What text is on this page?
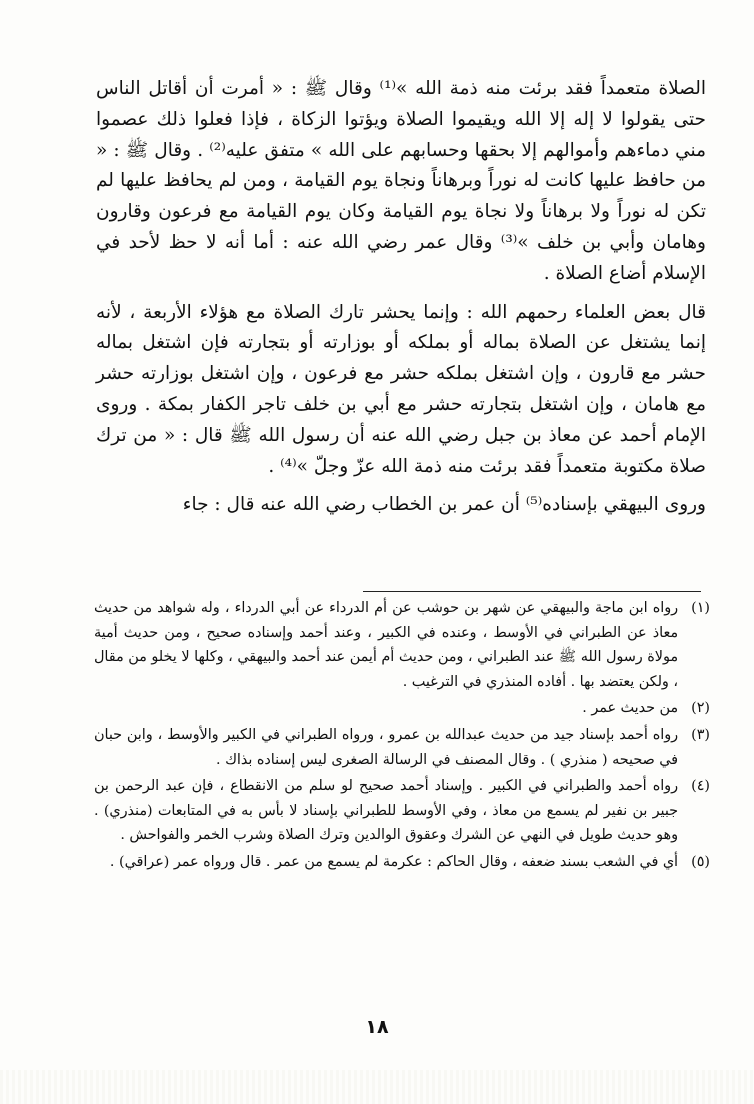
الصلاة متعمداً فقد برئت منه ذمة الله »⁽¹⁾ وقال ﷺ : « أمرت أن أقاتل الناس حتى يقولوا لا إله إلا الله ويقيموا الصلاة ويؤتوا الزكاة ، فإذا فعلوا ذلك عصموا مني دماءهم وأموالهم إلا بحقها وحسابهم على الله » متفق عليه⁽²⁾ . وقال ﷺ : « من حافظ عليها كانت له نوراً وبرهاناً ونجاة يوم القيامة ، ومن لم يحافظ عليها لم تكن له نوراً ولا برهاناً ولا نجاة يوم القيامة وكان يوم القيامة مع فرعون وقارون وهامان وأبي بن خلف »⁽³⁾ وقال عمر رضي الله عنه : أما أنه لا حظ لأحد في الإسلام أضاع الصلاة .

قال بعض العلماء رحمهم الله : وإنما يحشر تارك الصلاة مع هؤلاء الأربعة ، لأنه إنما يشتغل عن الصلاة بماله أو بملكه أو بوزارته أو بتجارته فإن اشتغل بماله حشر مع قارون ، وإن اشتغل بملكه حشر مع فرعون ، وإن اشتغل بوزارته حشر مع هامان ، وإن اشتغل بتجارته حشر مع أبي بن خلف تاجر الكفار بمكة . وروى الإمام أحمد عن معاذ بن جبل رضي الله عنه أن رسول الله ﷺ قال : « من ترك صلاة مكتوبة متعمداً فقد برئت منه ذمة الله عزّ وجلّ »⁽⁴⁾ .

وروى البيهقي بإسناده⁽⁵⁾ أن عمر بن الخطاب رضي الله عنه قال : جاء

(١)
رواه ابن ماجة والبيهقي عن شهر بن حوشب عن أم الدرداء عن أبي الدرداء ، وله شواهد من حديث معاذ عن الطبراني في الأوسط ، وعنده في الكبير ، وعند أحمد وإسناده صحيح ، ومن حديث أمية مولاة رسول الله ﷺ عند الطبراني ، ومن حديث أم أيمن عند أحمد والبيهقي ، وكلها لا يخلو من مقال ، ولكن يعتضد بها . أفاده المنذري في الترغيب .
(٢)
من حديث عمر .
(٣)
رواه أحمد بإسناد جيد من حديث عبدالله بن عمرو ، ورواه الطبراني في الكبير والأوسط ، وابن حبان في صحيحه ( منذري ) . وقال المصنف في الرسالة الصغرى ليس إسناده بذاك .
(٤)
رواه أحمد والطبراني في الكبير . وإسناد أحمد صحيح لو سلم من الانقطاع ، فإن عبد الرحمن بن جبير بن نفير لم يسمع من معاذ ، وفي الأوسط للطبراني بإسناد لا بأس به في المتابعات (منذري) . وهو حديث طويل في النهي عن الشرك وعقوق الوالدين وترك الصلاة وشرب الخمر والفواحش .
(٥)
أي في الشعب بسند ضعفه ، وقال الحاكم : عكرمة لم يسمع من عمر . قال ورواه عمر (عراقي) .
١٨
